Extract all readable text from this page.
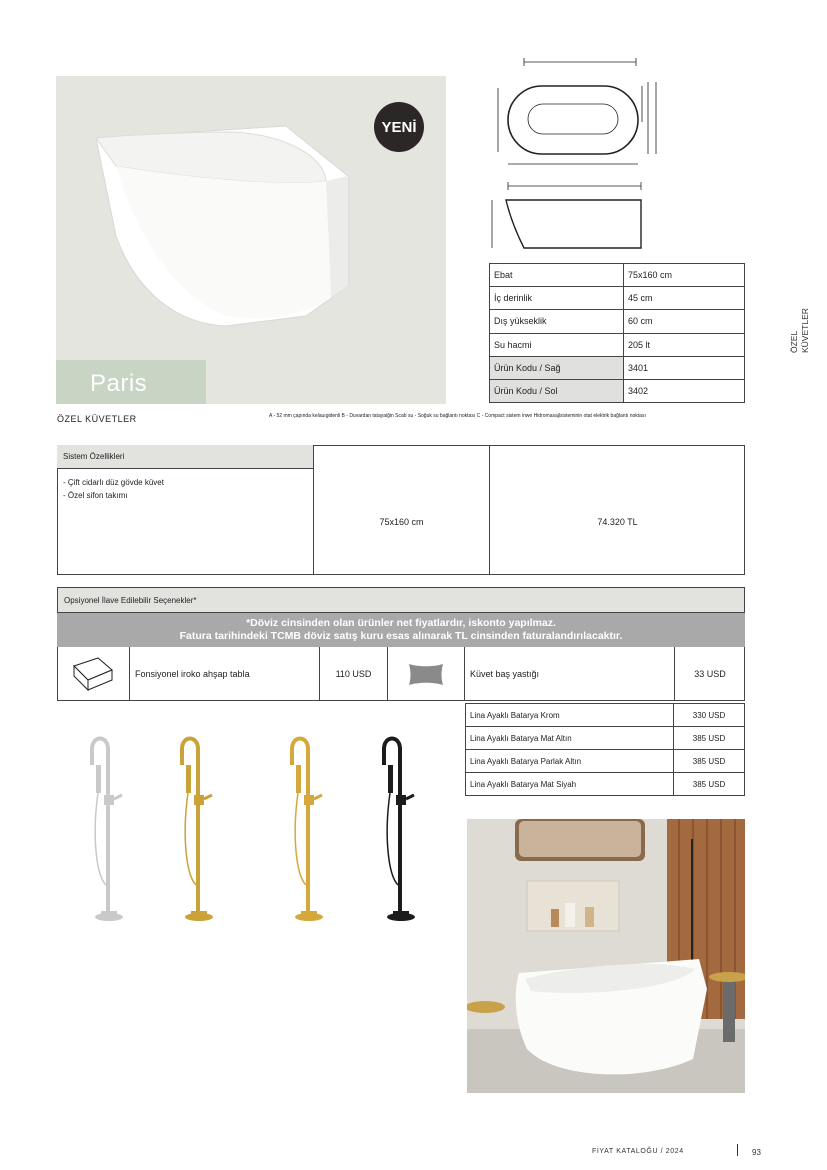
YENİ
Paris
Ebat	75x160 cm
İç derinlik	45 cm
Dış yükseklik	60 cm
Su hacmi	205 lt
Ürün Kodu / Sağ	3401
Ürün Kodu / Sol	3402
ÖZEL KÜVETLER	A - 52 mm çapında kelauıgidenli B - Duvardan tatayaiğin Scab su - Soğuk su bağlantı noktası C - Compact sistem inwe Hidromasajlsisteminin otat elektrik bağlantı noktası
ÖZEL KÜVETLER
Sistem Özellikleri
- Çift cidarlı düz gövde küvet
- Özel sifon takımı
75x160 cm	74.320 TL
Opsiyonel İlave Edilebilir Seçenekler*
*Döviz cinsinden olan ürünler net fiyatlardır, iskonto yapılmaz.
Fatura tarihindeki TCMB döviz satış kuru esas alınarak TL cinsinden faturalandırılacaktır.
Fonsiyonel iroko ahşap tabla	110 USD	Küvet baş yastığı	33 USD
Lina Ayaklı Batarya Krom	330 USD
Lina Ayaklı Batarya Mat Altın	385 USD
Lina Ayaklı Batarya Parlak Altın	385 USD
Lina Ayaklı Batarya Mat Siyah	385 USD
FİYAT KATALOĞU / 2024	93
